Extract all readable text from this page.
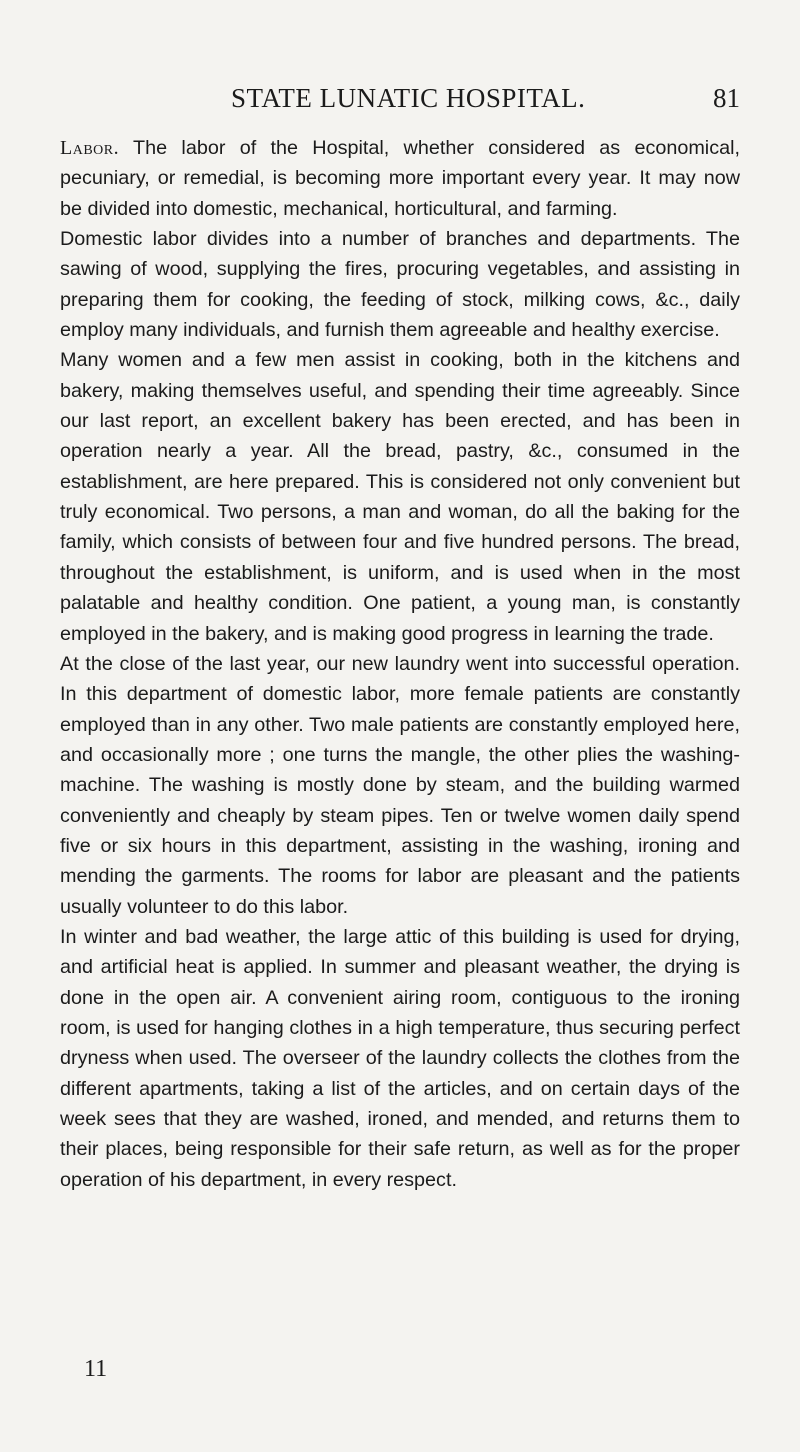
STATE LUNATIC HOSPITAL.	81

Labor. The labor of the Hospital, whether considered as economical, pecuniary, or remedial, is becoming more important every year. It may now be divided into domestic, mechanical, horticultural, and farming.

Domestic labor divides into a number of branches and departments. The sawing of wood, supplying the fires, procuring vegetables, and assisting in preparing them for cooking, the feeding of stock, milking cows, &c., daily employ many individuals, and furnish them agreeable and healthy exercise.

Many women and a few men assist in cooking, both in the kitchens and bakery, making themselves useful, and spending their time agreeably. Since our last report, an excellent bakery has been erected, and has been in operation nearly a year. All the bread, pastry, &c., consumed in the establishment, are here prepared. This is considered not only convenient but truly economical. Two persons, a man and woman, do all the baking for the family, which consists of between four and five hundred persons. The bread, throughout the establishment, is uniform, and is used when in the most palatable and healthy condition. One patient, a young man, is constantly employed in the bakery, and is making good progress in learning the trade.

At the close of the last year, our new laundry went into successful operation. In this department of domestic labor, more female patients are constantly employed than in any other. Two male patients are constantly employed here, and occasionally more ; one turns the mangle, the other plies the washing-machine. The washing is mostly done by steam, and the building warmed conveniently and cheaply by steam pipes. Ten or twelve women daily spend five or six hours in this department, assisting in the washing, ironing and mending the garments. The rooms for labor are pleasant and the patients usually volunteer to do this labor.

In winter and bad weather, the large attic of this building is used for drying, and artificial heat is applied. In summer and pleasant weather, the drying is done in the open air. A convenient airing room, contiguous to the ironing room, is used for hanging clothes in a high temperature, thus securing perfect dryness when used. The overseer of the laundry collects the clothes from the different apartments, taking a list of the articles, and on certain days of the week sees that they are washed, ironed, and mended, and returns them to their places, being responsible for their safe return, as well as for the proper operation of his department, in every respect.

11
